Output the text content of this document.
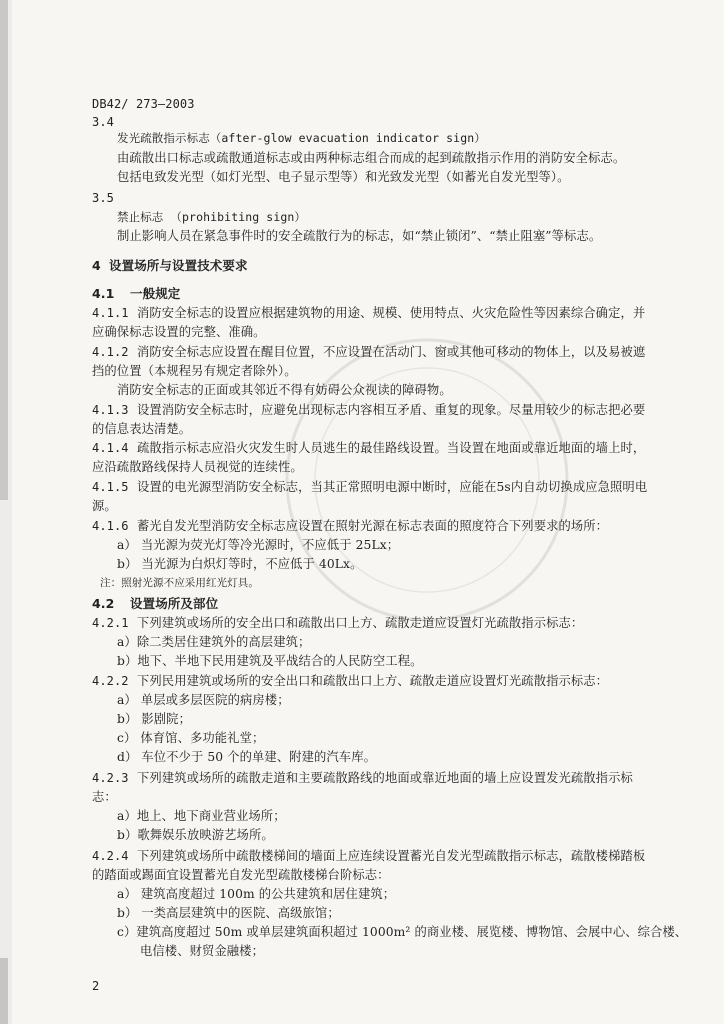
DB42/ 273—2003
3.4
发光疏散指示标志（after-glow evacuation indicator sign）
由疏散出口标志或疏散通道标志或由两种标志组合而成的起到疏散指示作用的消防安全标志。
包括电致发光型（如灯光型、电子显示型等）和光致发光型（如蓄光自发光型等）。
3.5
禁止标志 （prohibiting sign）
制止影响人员在紧急事件时的安全疏散行为的标志，如“禁止锁闭”、“禁止阻塞”等标志。
4 设置场所与设置技术要求
4.1 一般规定
4.1.1 消防安全标志的设置应根据建筑物的用途、规模、使用特点、火灾危险性等因素综合确定，并
应确保标志设置的完整、准确。
4.1.2 消防安全标志应设置在醒目位置，不应设置在活动门、窗或其他可移动的物体上，以及易被遮
挡的位置（本规程另有规定者除外）。
消防安全标志的正面或其邻近不得有妨碍公众视读的障碍物。
4.1.3 设置消防安全标志时，应避免出现标志内容相互矛盾、重复的现象。尽量用较少的标志把必要
的信息表达清楚。
4.1.4 疏散指示标志应沿火灾发生时人员逃生的最佳路线设置。当设置在地面或靠近地面的墙上时，
应沿疏散路线保持人员视觉的连续性。
4.1.5 设置的电光源型消防安全标志，当其正常照明电源中断时，应能在5s内自动切换成应急照明电
源。
4.1.6 蓄光自发光型消防安全标志应设置在照射光源在标志表面的照度符合下列要求的场所：
a） 当光源为荧光灯等冷光源时，不应低于 25Lx；
b） 当光源为白炽灯等时，不应低于 40Lx。
注：照射光源不应采用红光灯具。
4.2 设置场所及部位
4.2.1 下列建筑或场所的安全出口和疏散出口上方、疏散走道应设置灯光疏散指示标志：
a）除二类居住建筑外的高层建筑；
b）地下、半地下民用建筑及平战结合的人民防空工程。
4.2.2 下列民用建筑或场所的安全出口和疏散出口上方、疏散走道应设置灯光疏散指示标志：
a） 单层或多层医院的病房楼；
b） 影剧院；
c） 体育馆、多功能礼堂；
d） 车位不少于 50 个的单建、附建的汽车库。
4.2.3 下列建筑或场所的疏散走道和主要疏散路线的地面或靠近地面的墙上应设置发光疏散指示标
志：
a）地上、地下商业营业场所；
b）歌舞娱乐放映游艺场所。
4.2.4 下列建筑或场所中疏散楼梯间的墙面上应连续设置蓄光自发光型疏散指示标志，疏散楼梯踏板
的踏面或踢面宜设置蓄光自发光型疏散楼梯台阶标志：
a） 建筑高度超过 100m 的公共建筑和居住建筑；
b） 一类高层建筑中的医院、高级旅馆；
c）建筑高度超过 50m 或单层建筑面积超过 1000m² 的商业楼、展览楼、博物馆、会展中心、综合楼、
电信楼、财贸金融楼；
2
